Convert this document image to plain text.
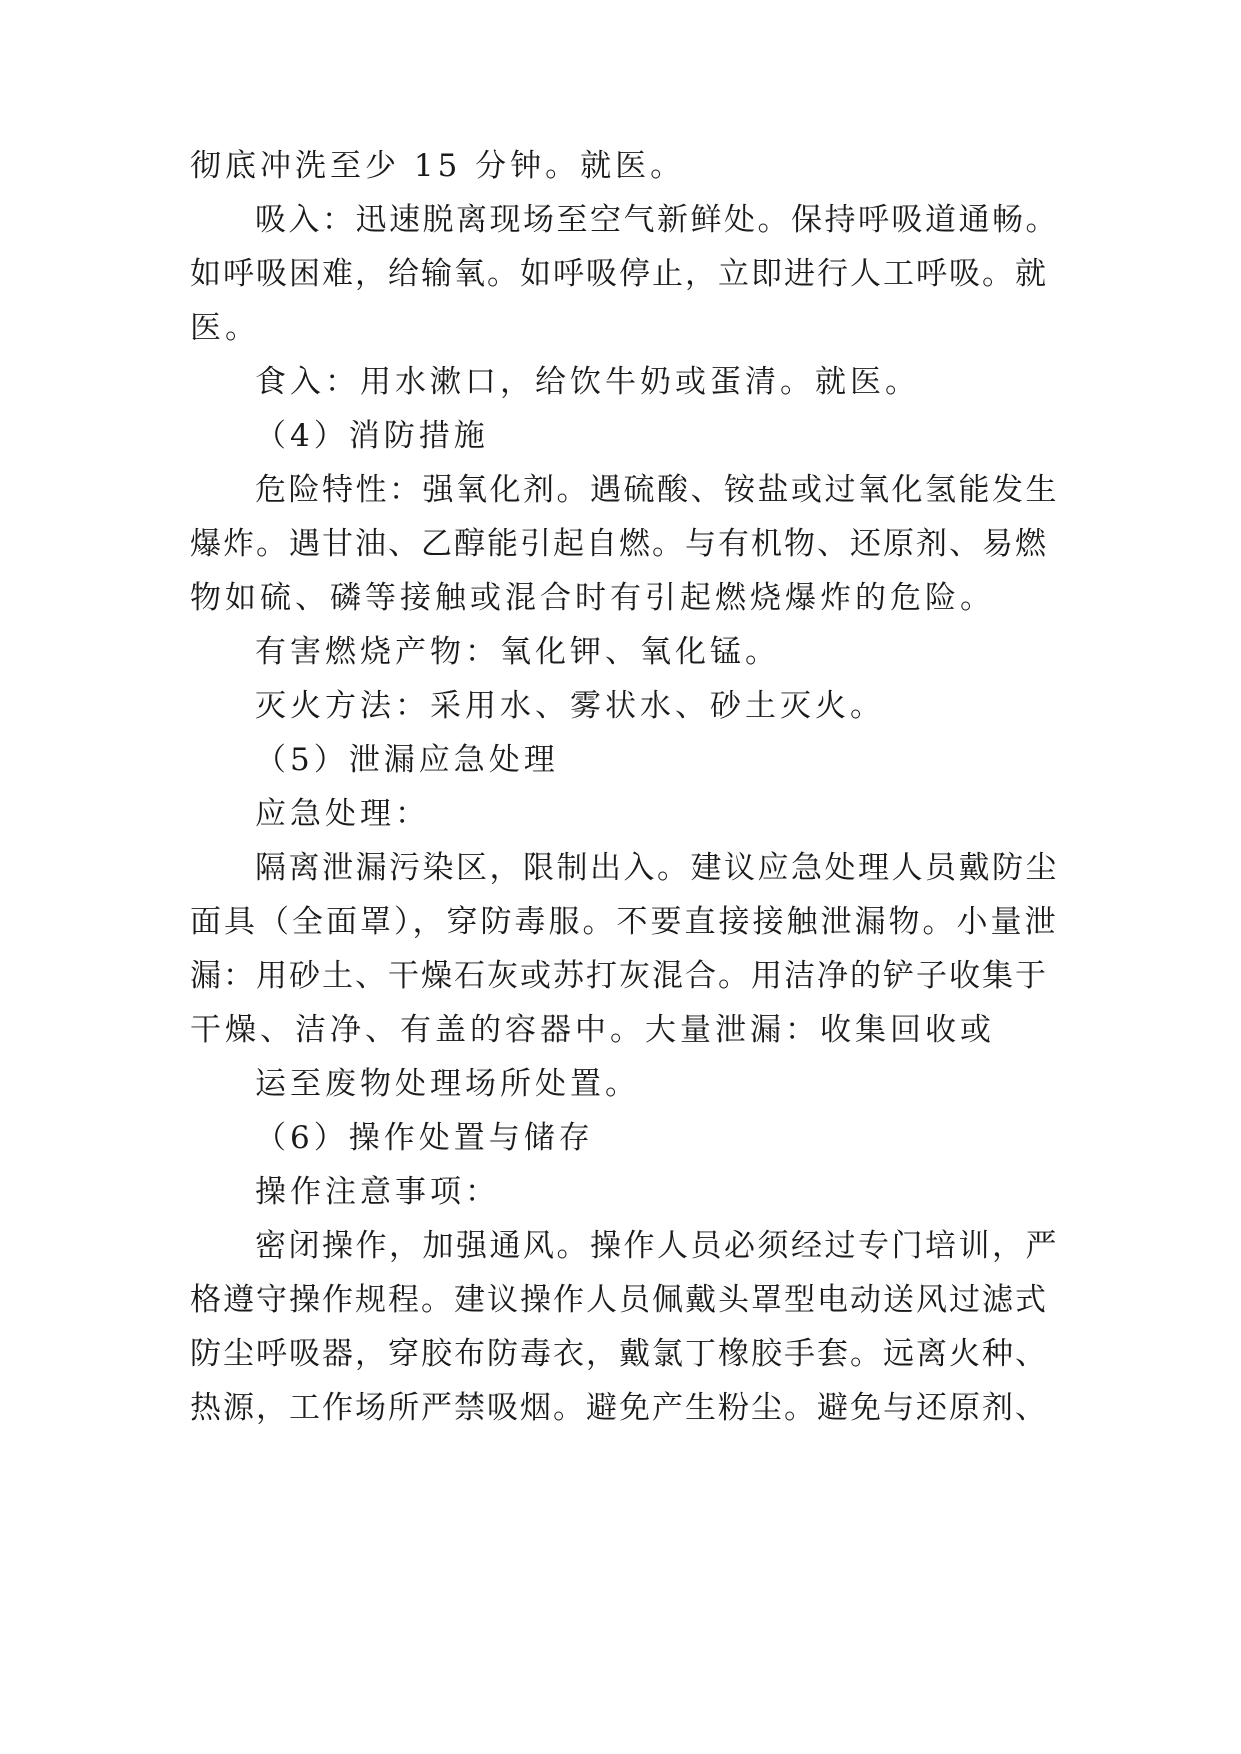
彻底冲洗至少 15 分钟。就医。
吸入：迅速脱离现场至空气新鲜处。保持呼吸道通畅。
如呼吸困难，给输氧。如呼吸停止，立即进行人工呼吸。就
医。
食入：用水漱口，给饮牛奶或蛋清。就医。
（4）消防措施
危险特性：强氧化剂。遇硫酸、铵盐或过氧化氢能发生
爆炸。遇甘油、乙醇能引起自燃。与有机物、还原剂、易燃
物如硫、磷等接触或混合时有引起燃烧爆炸的危险。
有害燃烧产物：氧化钾、氧化锰。
灭火方法：采用水、雾状水、砂土灭火。
（5）泄漏应急处理
应急处理：
隔离泄漏污染区，限制出入。建议应急处理人员戴防尘
面具（全面罩），穿防毒服。不要直接接触泄漏物。小量泄
漏：用砂土、干燥石灰或苏打灰混合。用洁净的铲子收集于
干燥、洁净、有盖的容器中。大量泄漏：收集回收或
运至废物处理场所处置。
（6）操作处置与储存
操作注意事项：
密闭操作，加强通风。操作人员必须经过专门培训，严
格遵守操作规程。建议操作人员佩戴头罩型电动送风过滤式
防尘呼吸器，穿胶布防毒衣，戴氯丁橡胶手套。远离火种、
热源，工作场所严禁吸烟。避免产生粉尘。避免与还原剂、
